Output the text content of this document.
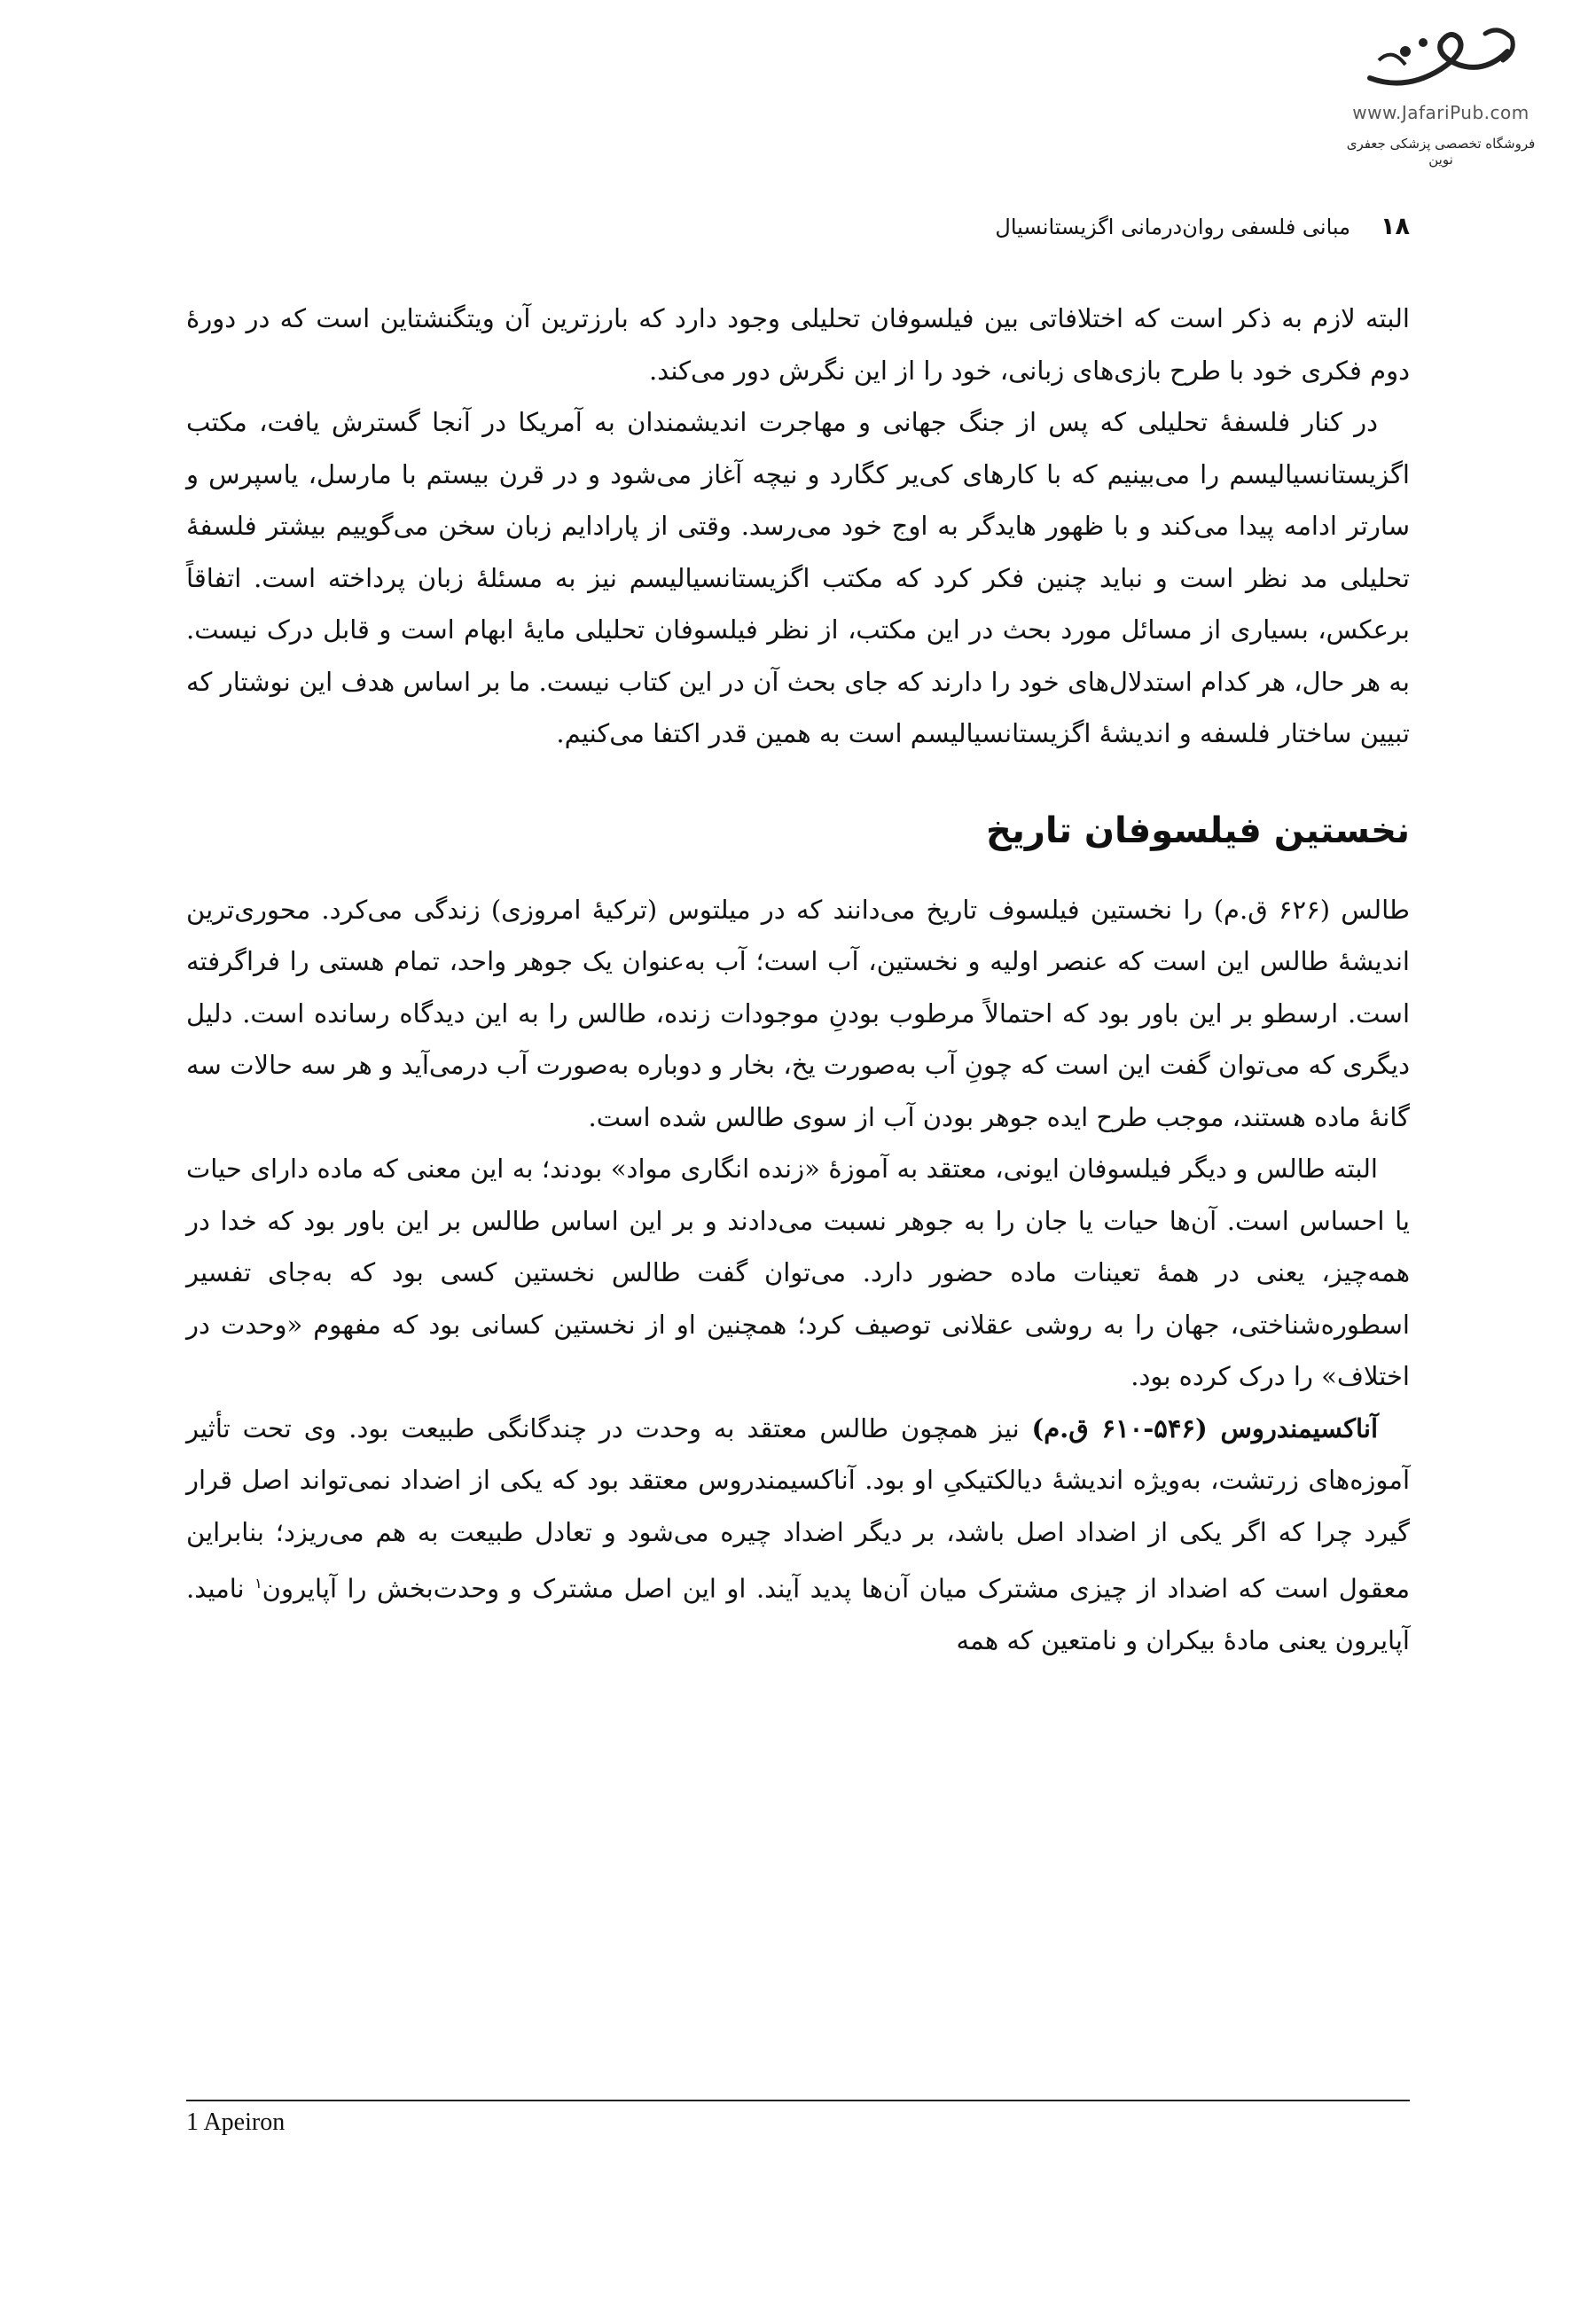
www.JafariPub.com
فروشگاه تخصصی پزشکی جعفری نوین
۱۸مبانی فلسفی روان‌درمانی اگزیستانسیال

البته لازم به ذکر است که اختلافاتی بین فیلسوفان تحلیلی وجود دارد که بارزترین آن ویتگنشتاین است که در دورۀ دوم فکری خود با طرح بازی‌های زبانی، خود را از این نگرش دور می‌کند.

در کنار فلسفۀ تحلیلی که پس از جنگ جهانی و مهاجرت اندیشمندان به آمریکا در آنجا گسترش یافت، مکتب اگزیستانسیالیسم را می‌بینیم که با کارهای کی‌یر کگارد و نیچه آغاز می‌شود و در قرن بیستم با مارسل، یاسپرس و سارتر ادامه پیدا می‌کند و با ظهور هایدگر به اوج خود می‌رسد. وقتی از پارادایم زبان سخن می‌گوییم بیشتر فلسفۀ تحلیلی مد نظر است و نباید چنین فکر کرد که مکتب اگزیستانسیالیسم نیز به مسئلۀ زبان پرداخته است. اتفاقاً برعکس، بسیاری از مسائل مورد بحث در این مکتب، از نظر فیلسوفان تحلیلی مایۀ ابهام است و قابل درک نیست. به هر حال، هر کدام استدلال‌های خود را دارند که جای بحث آن در این کتاب نیست. ما بر اساس هدف این نوشتار که تبیین ساختار فلسفه و اندیشۀ اگزیستانسیالیسم است به همین قدر اکتفا می‌کنیم.

نخستین فیلسوفان تاریخ

طالس (۶۲۶ ق.م) را نخستین فیلسوف تاریخ می‌دانند که در میلتوس (ترکیۀ امروزی) زندگی می‌کرد. محوری‌ترین اندیشۀ طالس این است که عنصر اولیه و نخستین، آب است؛ آب به‌عنوان یک جوهر واحد، تمام هستی را فراگرفته است. ارسطو بر این باور بود که احتمالاً مرطوب بودنِ موجودات زنده، طالس را به این دیدگاه رسانده است. دلیل دیگری که می‌توان گفت این است که چونِ آب به‌صورت یخ، بخار و دوباره به‌صورت آب درمی‌آید و هر سه حالات سه گانۀ ماده هستند، موجب طرح ایده جوهر بودن آب از سوی طالس شده است.

البته طالس و دیگر فیلسوفان ایونی، معتقد به آموزۀ «زنده انگاری مواد» بودند؛ به این معنی که ماده دارای حیات یا احساس است. آن‌ها حیات یا جان را به جوهر نسبت می‌دادند و بر این اساس طالس بر این باور بود که خدا در همه‌چیز، یعنی در همۀ تعینات ماده حضور دارد. می‌توان گفت طالس نخستین کسی بود که به‌جای تفسیر اسطوره‌شناختی، جهان را به روشی عقلانی توصیف کرد؛ همچنین او از نخستین کسانی بود که مفهوم «وحدت در اختلاف» را درک کرده بود.

آناکسیمندروس (۵۴۶-۶۱۰ ق.م) نیز همچون طالس معتقد به وحدت در چندگانگی طبیعت بود. وی تحت تأثیر آموزه‌های زرتشت، به‌ویژه اندیشۀ دیالکتیکیِ او بود. آناکسیمندروس معتقد بود که یکی از اضداد نمی‌تواند اصل قرار گیرد چرا که اگر یکی از اضداد اصل باشد، بر دیگر اضداد چیره می‌شود و تعادل طبیعت به هم می‌ریزد؛ بنابراین معقول است که اضداد از چیزی مشترک میان آن‌ها پدید آیند. او این اصل مشترک و وحدت‌بخش را آپایرون$^۱$ نامید. آپایرون یعنی مادۀ بیکران و نامتعین که همه

1 Apeiron
